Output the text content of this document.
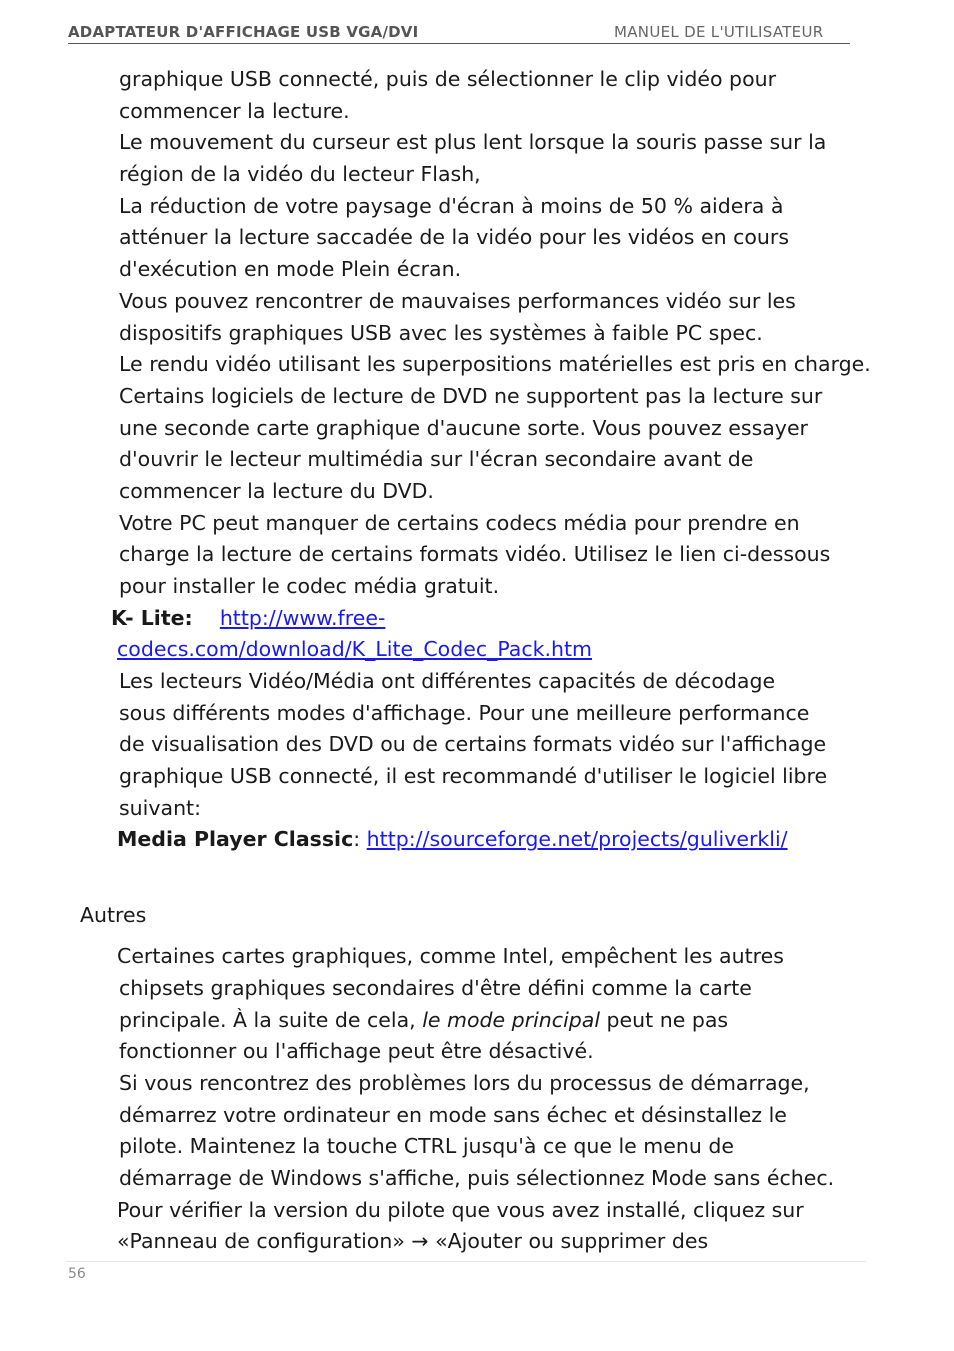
ADAPTATEUR D'AFFICHAGE USB VGA/DVI	MANUEL DE L'UTILISATEUR
graphique USB connecté, puis de sélectionner le clip vidéo pour
commencer la lecture.
Le mouvement du curseur est plus lent lorsque la souris passe sur la
région de la vidéo du lecteur Flash,
La réduction de votre paysage d'écran à moins de 50 % aidera à
atténuer la lecture saccadée de la vidéo pour les vidéos en cours
d'exécution en mode Plein écran.
Vous pouvez rencontrer de mauvaises performances vidéo sur les
dispositifs graphiques USB avec les systèmes à faible PC spec.
Le rendu vidéo utilisant les superpositions matérielles est pris en charge.
Certains logiciels de lecture de DVD ne supportent pas la lecture sur
une seconde carte graphique d'aucune sorte. Vous pouvez essayer
d'ouvrir le lecteur multimédia sur l'écran secondaire avant de
commencer la lecture du DVD.
Votre PC peut manquer de certains codecs média pour prendre en
charge la lecture de certains formats vidéo. Utilisez le lien ci-dessous
pour installer le codec média gratuit.
K- Lite: http://www.free-
codecs.com/download/K_Lite_Codec_Pack.htm
Les lecteurs Vidéo/Média ont différentes capacités de décodage
sous différents modes d'affichage. Pour une meilleure performance
de visualisation des DVD ou de certains formats vidéo sur l'affichage
graphique USB connecté, il est recommandé d'utiliser le logiciel libre
suivant:
Media Player Classic: http://sourceforge.net/projects/guliverkli/
Autres
Certaines cartes graphiques, comme Intel, empêchent les autres
chipsets graphiques secondaires d'être défini comme la carte
principale. À la suite de cela, le mode principal peut ne pas
fonctionner ou l'affichage peut être désactivé.
Si vous rencontrez des problèmes lors du processus de démarrage,
démarrez votre ordinateur en mode sans échec et désinstallez le
pilote. Maintenez la touche CTRL jusqu'à ce que le menu de
démarrage de Windows s'affiche, puis sélectionnez Mode sans échec.
Pour vérifier la version du pilote que vous avez installé, cliquez sur
«Panneau de configuration» → «Ajouter ou supprimer des
56
